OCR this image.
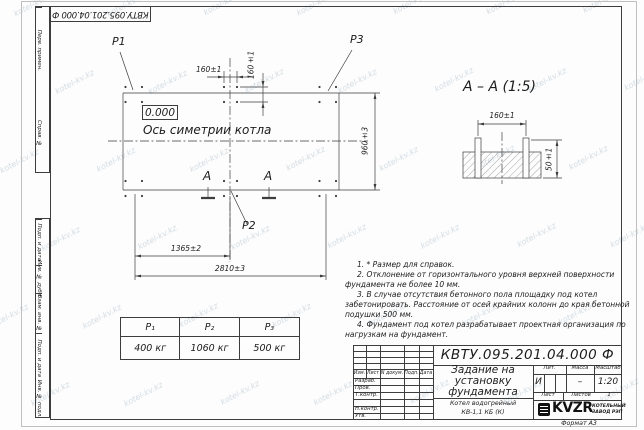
КВТУ.095.201.04.000 Ф
Перв. примен.
Справ. №
Подп. и дата
Инв. № дубл.
Взам. инв. №
Подп. и дата
Инв. № подл.
P1	P3
P2
0.000
Ось симетрии котла
160±1	160±1
960±3
1365±2
2810±3
А	А
А – А (1:5)
160±1
50±1

1. * Размер для справок.

2. Отклонение от горизонтального уровня верхней поверхности фундамента не более 10 мм.

3. В случае отсутствия бетонного пола площадку под котел забетонировать. Расстояние от осей крайних колонн до края бетонной подушки 500 мм.

4. Фундамент под котел разрабатывает проектная организация по нагрузкам на фундамент.

P₁	P₂	P₃
400 кг	1060 кг	500 кг
Изм. Лист N докум. Подп. Дата
Разраб.
Пров.
Т.контр.
Н.контр.
Утв.
КВТУ.095.201.04.000 Ф
Задание на установку фундамента
Котел водогрейный
КВ-1,1 КБ (К)
Лит.	Масса	Масштаб
И	–	1:20
Лист	Листов	1
KVZR КОТЕЛЬНЫЙ
ЗАВОД РЭП
Формат А3
